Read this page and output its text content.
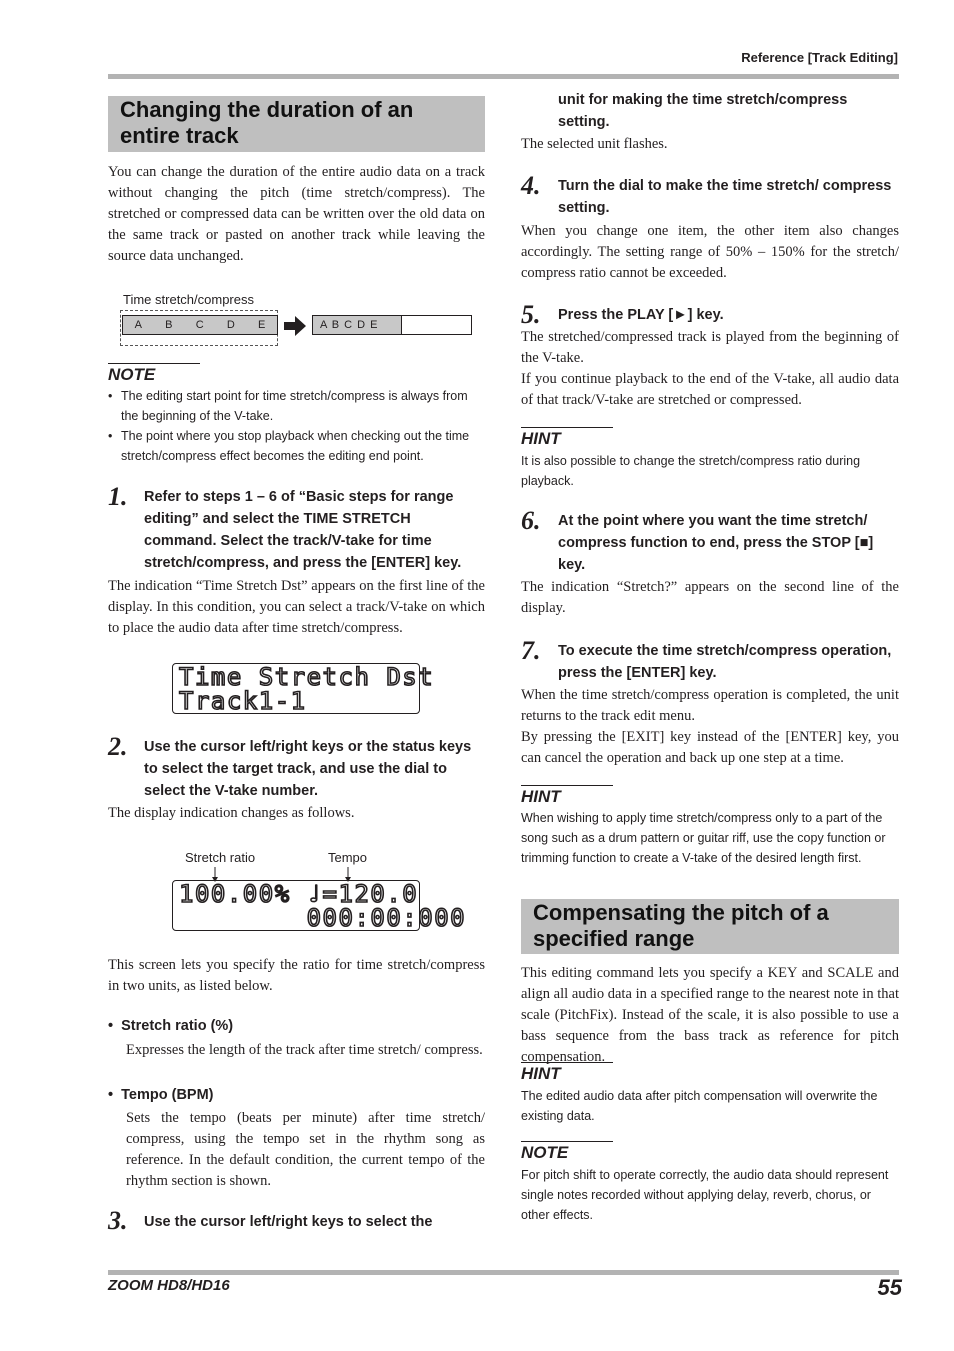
Reference [Track Editing]
ZOOM HD8/HD16	55
Changing the duration of an
entire track
You can change the duration of the entire audio data on a track without changing the pitch (time stretch/compress). The stretched or compressed data can be written over the old data on the same track or pasted on another track while leaving the source data unchanged.
Time stretch/compress
A B C D E	A B C D E
NOTE
• The editing start point for time stretch/compress is always from the beginning of the V-take.
• The point where you stop playback when checking out the time stretch/compress effect becomes the editing end point.
1. Refer to steps 1 – 6 of “Basic steps for range editing” and select the TIME STRETCH command. Select the track/V-take for time stretch/compress, and press the [ENTER] key.
The indication “Time Stretch Dst” appears on the first line of the display. In this condition, you can select a track/V-take on which to place the audio data after time stretch/compress.
Time Stretch Dst
Track1-1
2. Use the cursor left/right keys or the status keys to select the target track, and use the dial to select the V-take number.
The display indication changes as follows.
Stretch ratio	Tempo
100.00% ♩=120.0
000:00:000
This screen lets you specify the ratio for time stretch/compress in two units, as listed below.
•  Stretch ratio (%)
Expresses the length of the track after time stretch/ compress.
•  Tempo (BPM)
Sets the tempo (beats per minute) after time stretch/ compress, using the tempo set in the rhythm song as reference. In the default condition, the current tempo of the rhythm section is shown.
3. Use the cursor left/right keys to select the
unit for making the time stretch/compress setting.
The selected unit flashes.
4. Turn the dial to make the time stretch/ compress setting.
When you change one item, the other item also changes accordingly. The setting range of 50% – 150% for the stretch/ compress ratio cannot be exceeded.
5. Press the PLAY [►] key.
The stretched/compressed track is played from the beginning of the V-take.
If you continue playback to the end of the V-take, all audio data of that track/V-take are stretched or compressed.
HINT
It is also possible to change the stretch/compress ratio during playback.
6. At the point where you want the time stretch/ compress function to end, press the STOP [■] key.
The indication “Stretch?” appears on the second line of the display.
7. To execute the time stretch/compress operation, press the [ENTER] key.
When the time stretch/compress operation is completed, the unit returns to the track edit menu.
By pressing the [EXIT] key instead of the [ENTER] key, you can cancel the operation and back up one step at a time.
HINT
When wishing to apply time stretch/compress only to a part of the song such as a drum pattern or guitar riff, use the copy function or trimming function to create a V-take of the desired length first.
Compensating the pitch of a
specified range
This editing command lets you specify a KEY and SCALE and align all audio data in a specified range to the nearest note in that scale (PitchFix). Instead of the scale, it is also possible to use a bass sequence from the bass track as reference for pitch compensation.
HINT
The edited audio data after pitch compensation will overwrite the existing data.
NOTE
For pitch shift to operate correctly, the audio data should represent single notes recorded without applying delay, reverb, chorus, or other effects.
